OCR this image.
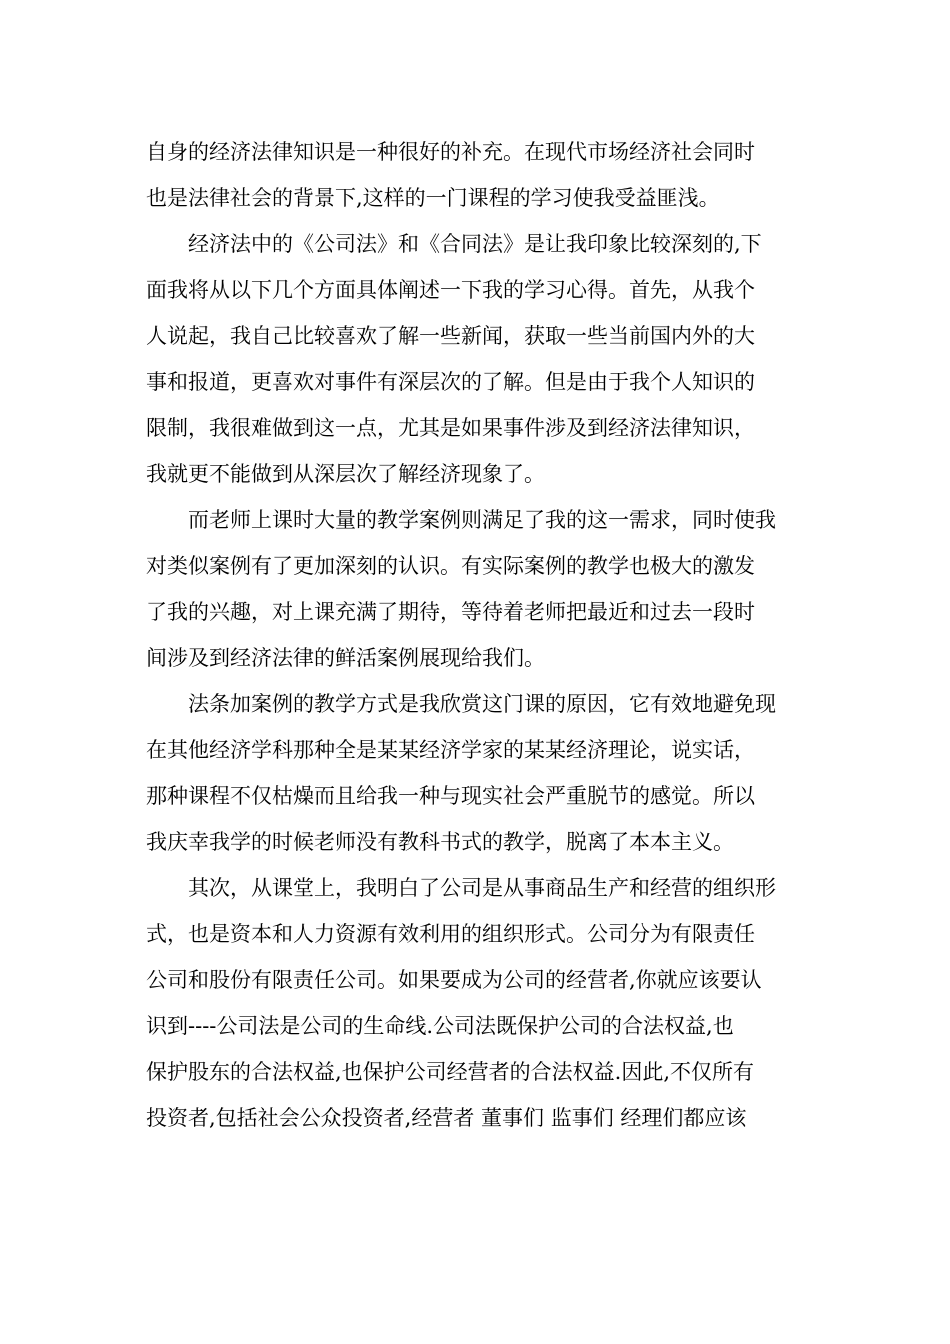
自身的经济法律知识是一种很好的补充。在现代市场经济社会同时
也是法律社会的背景下,这样的一门课程的学习使我受益匪浅。
　　经济法中的《公司法》和《合同法》是让我印象比较深刻的,下
面我将从以下几个方面具体阐述一下我的学习心得。首先，从我个
人说起，我自己比较喜欢了解一些新闻，获取一些当前国内外的大
事和报道，更喜欢对事件有深层次的了解。但是由于我个人知识的
限制，我很难做到这一点，尤其是如果事件涉及到经济法律知识，
我就更不能做到从深层次了解经济现象了。
　　而老师上课时大量的教学案例则满足了我的这一需求，同时使我
对类似案例有了更加深刻的认识。有实际案例的教学也极大的激发
了我的兴趣，对上课充满了期待，等待着老师把最近和过去一段时
间涉及到经济法律的鲜活案例展现给我们。
　　法条加案例的教学方式是我欣赏这门课的原因，它有效地避免现
在其他经济学科那种全是某某经济学家的某某经济理论，说实话，
那种课程不仅枯燥而且给我一种与现实社会严重脱节的感觉。所以
我庆幸我学的时候老师没有教科书式的教学，脱离了本本主义。
　　其次，从课堂上，我明白了公司是从事商品生产和经营的组织形
式，也是资本和人力资源有效利用的组织形式。公司分为有限责任
公司和股份有限责任公司。如果要成为公司的经营者,你就应该要认
识到----公司法是公司的生命线.公司法既保护公司的合法权益,也
保护股东的合法权益,也保护公司经营者的合法权益.因此,不仅所有
投资者,包括社会公众投资者,经营者 董事们 监事们 经理们都应该
